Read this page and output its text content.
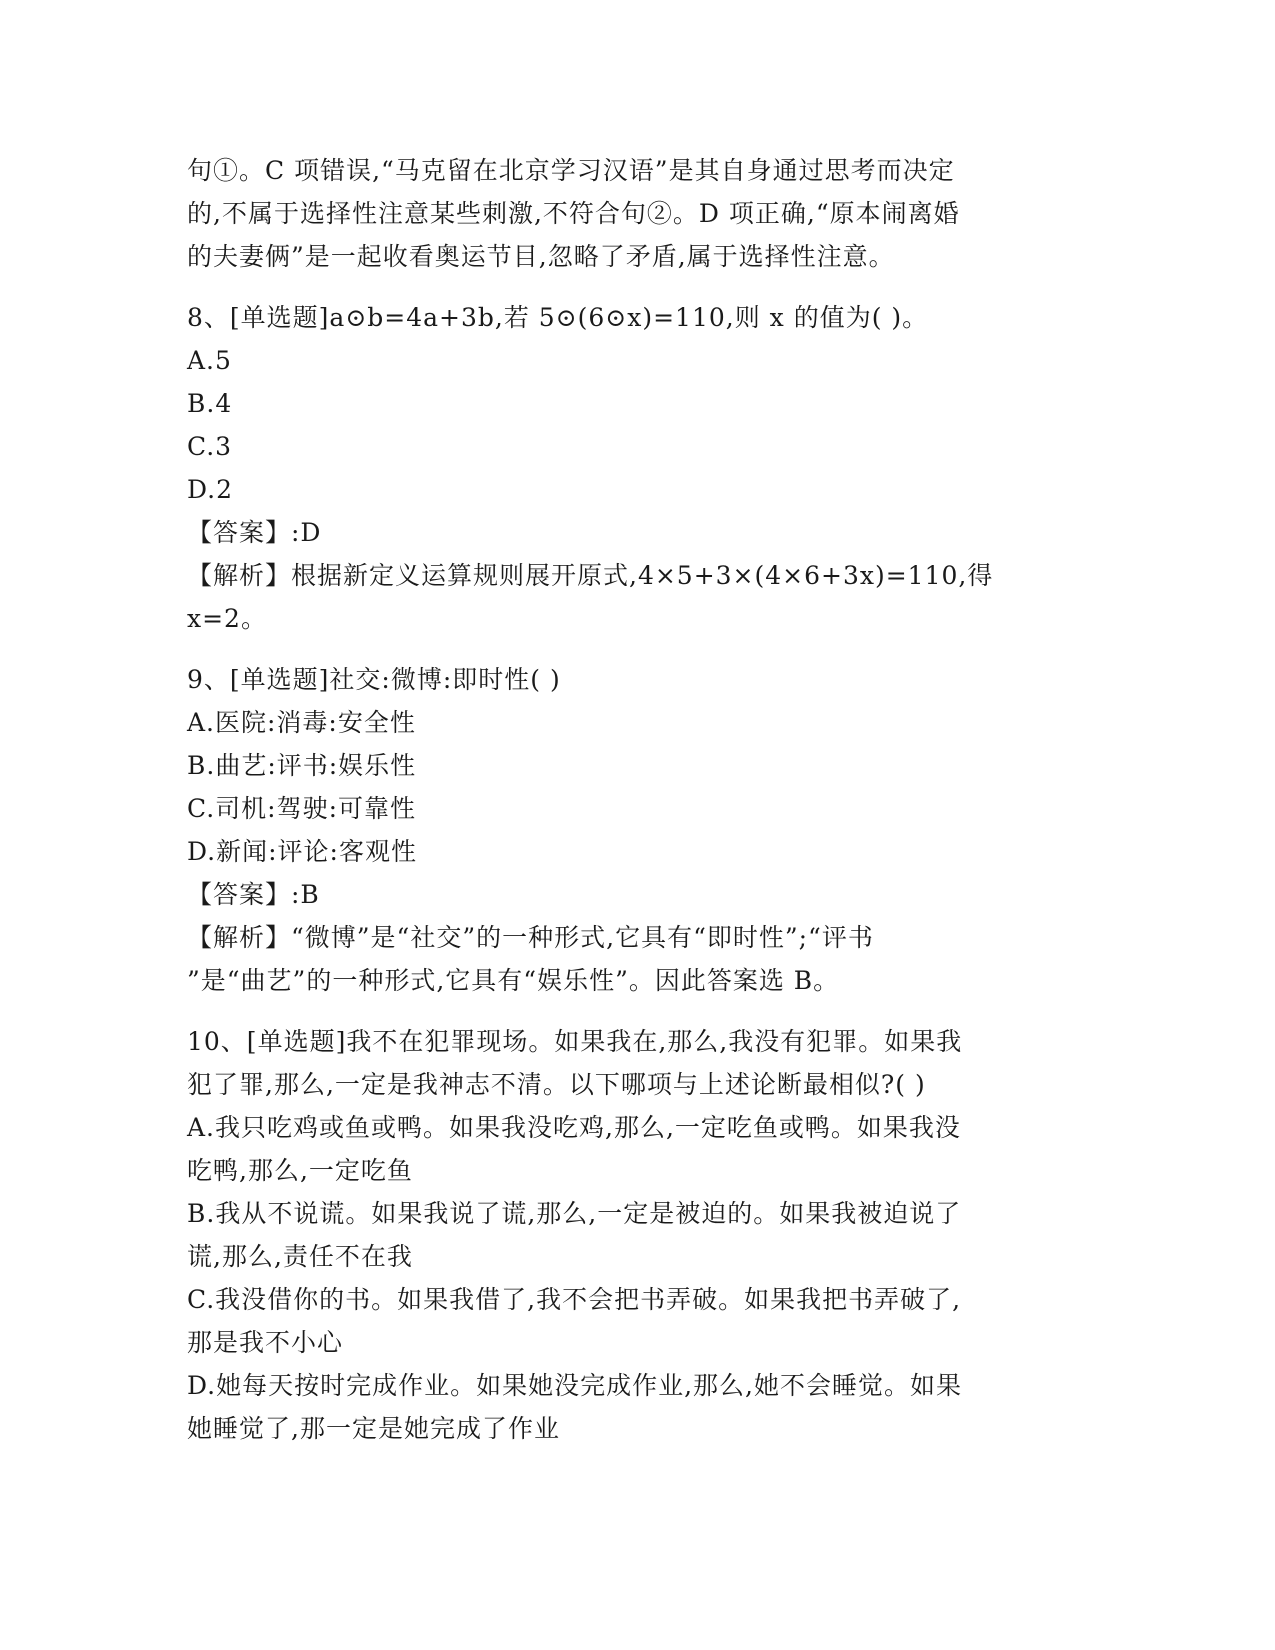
句①。C 项错误,“马克留在北京学习汉语”是其自身通过思考而决定

的,不属于选择性注意某些刺激,不符合句②。D 项正确,“原本闹离婚

的夫妻俩”是一起收看奥运节目,忽略了矛盾,属于选择性注意。

8、[单选题]a⊙b=4a+3b,若 5⊙(6⊙x)=110,则 x 的值为( )。

A.5

B.4

C.3

D.2

【答案】:D

【解析】根据新定义运算规则展开原式,4×5+3×(4×6+3x)=110,得

x=2。

9、[单选题]社交:微博:即时性( )

A.医院:消毒:安全性

B.曲艺:评书:娱乐性

C.司机:驾驶:可靠性

D.新闻:评论:客观性

【答案】:B

【解析】“微博”是“社交”的一种形式,它具有“即时性”;“评书

”是“曲艺”的一种形式,它具有“娱乐性”。因此答案选 B。

10、[单选题]我不在犯罪现场。如果我在,那么,我没有犯罪。如果我

犯了罪,那么,一定是我神志不清。以下哪项与上述论断最相似?( )

A.我只吃鸡或鱼或鸭。如果我没吃鸡,那么,一定吃鱼或鸭。如果我没

吃鸭,那么,一定吃鱼

B.我从不说谎。如果我说了谎,那么,一定是被迫的。如果我被迫说了

谎,那么,责任不在我

C.我没借你的书。如果我借了,我不会把书弄破。如果我把书弄破了,

那是我不小心

D.她每天按时完成作业。如果她没完成作业,那么,她不会睡觉。如果

她睡觉了,那一定是她完成了作业
